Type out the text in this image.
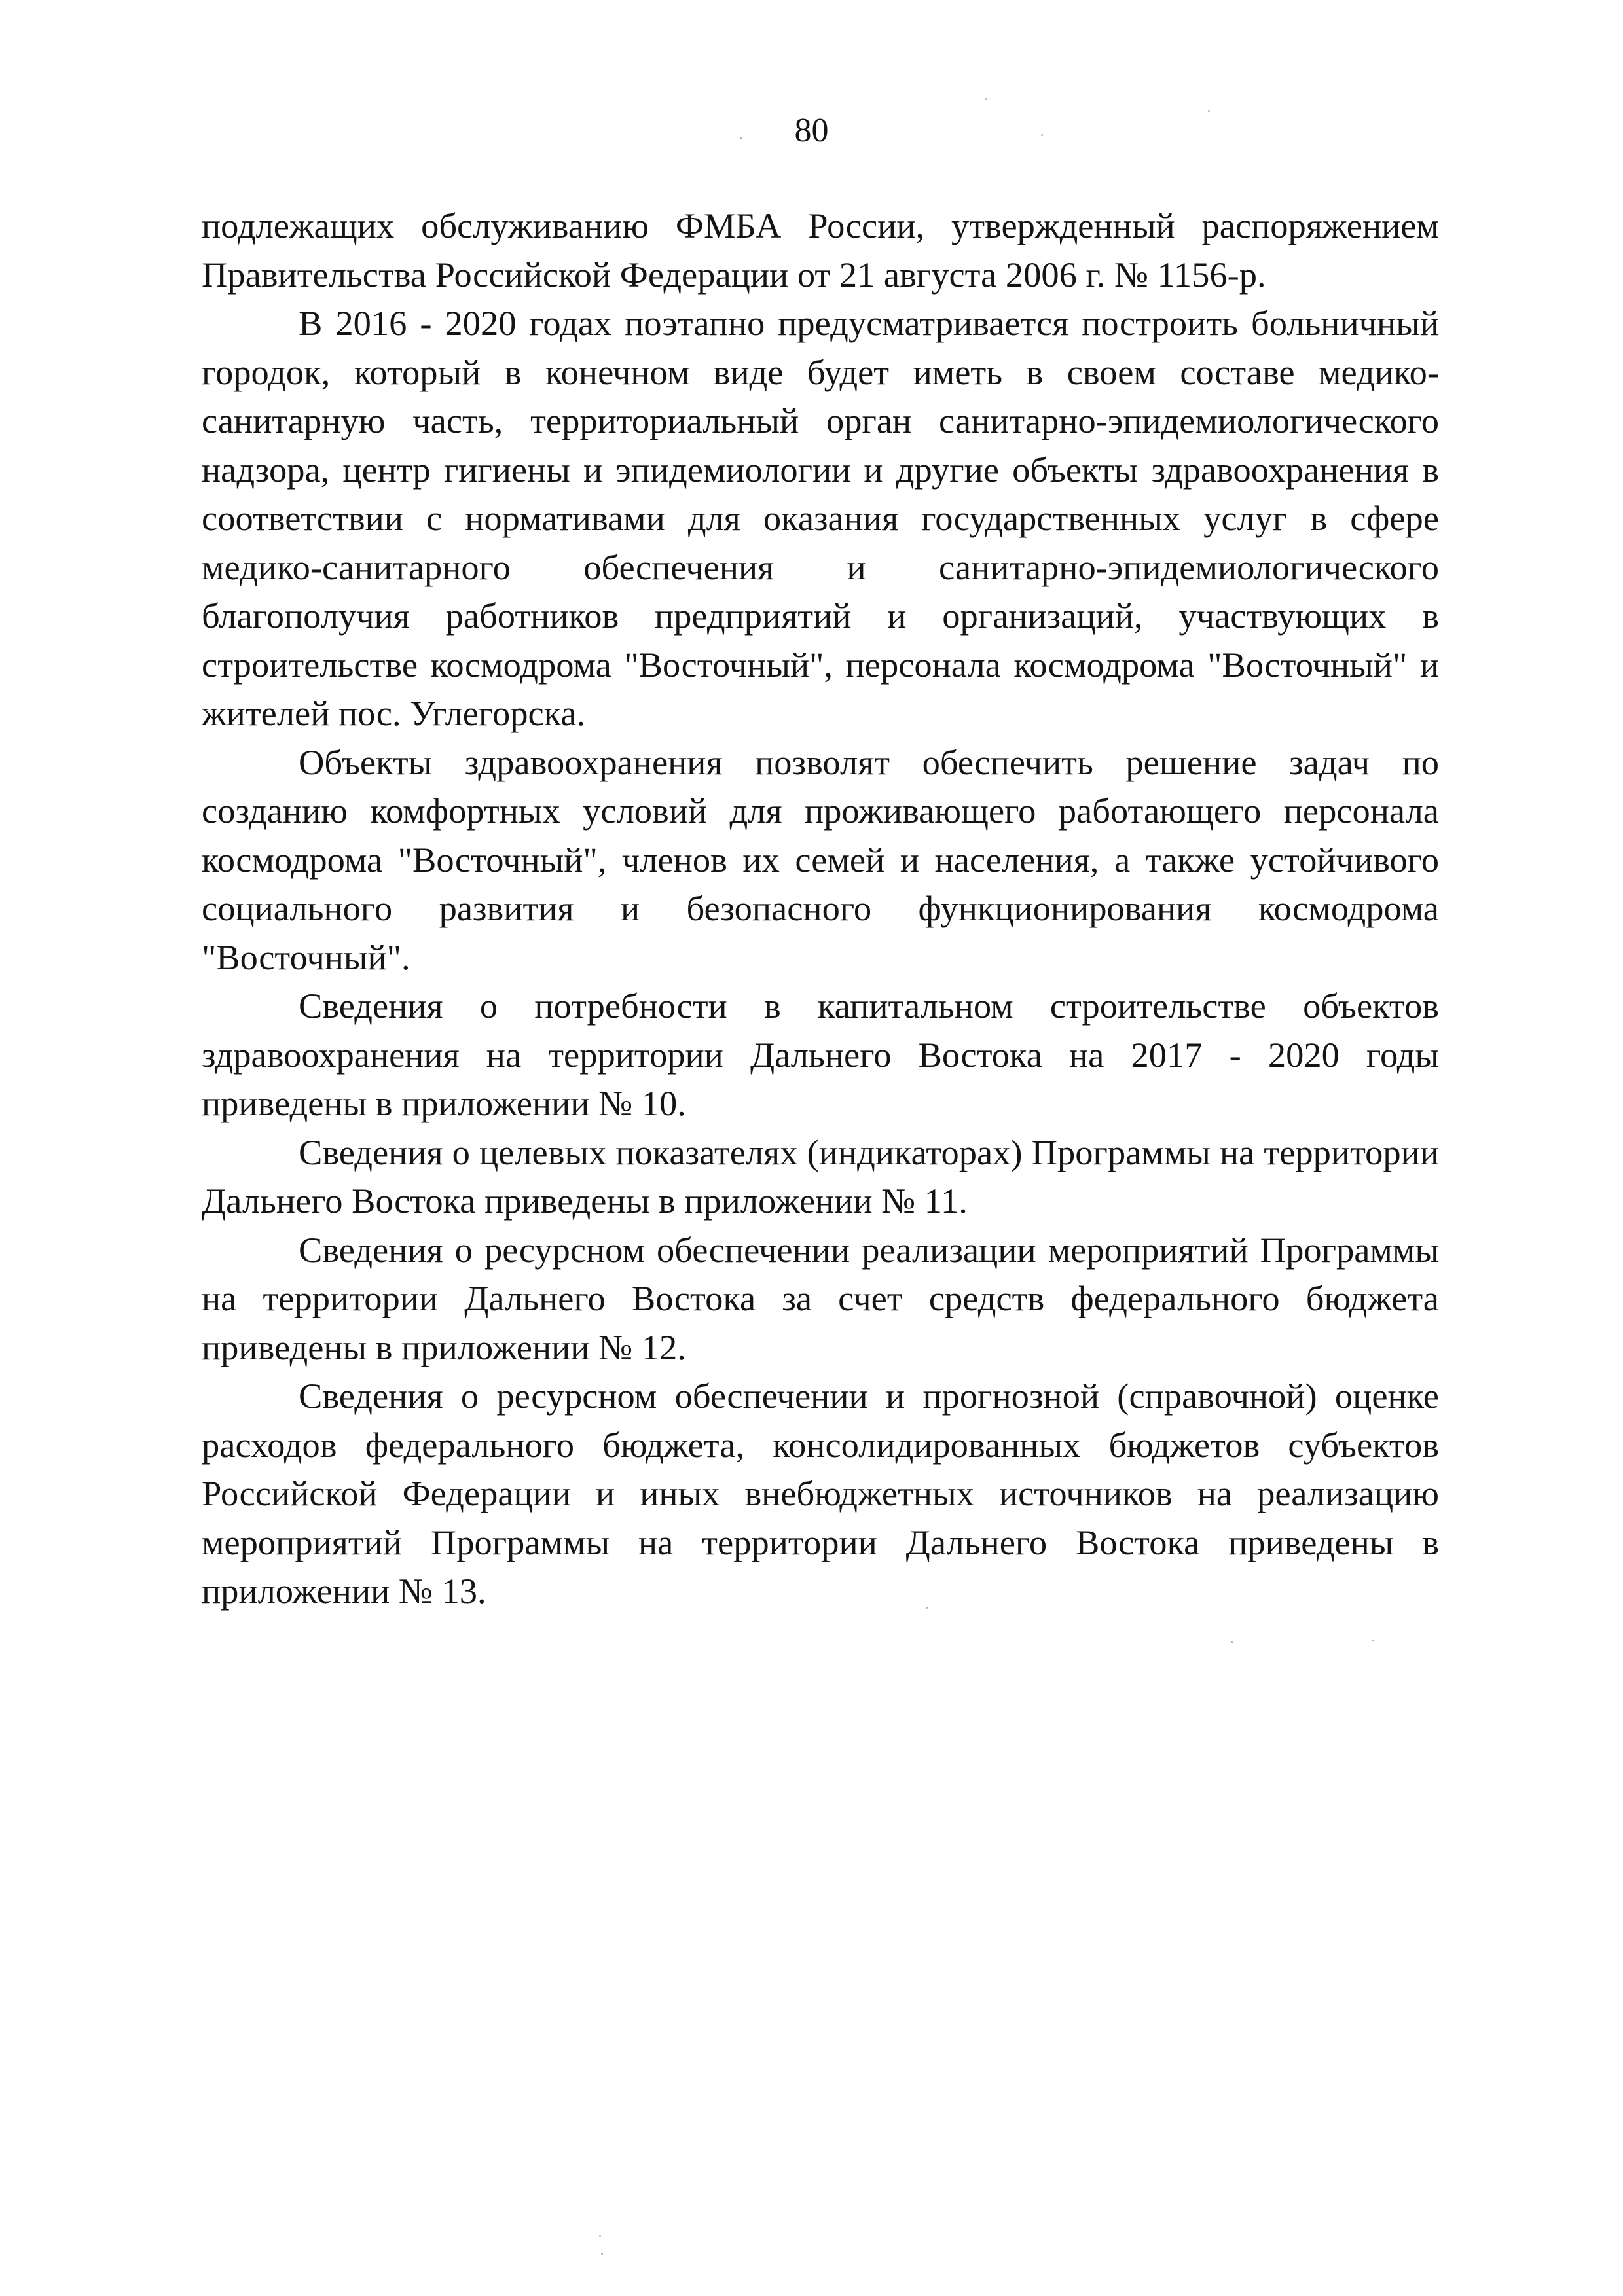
80

подлежащих обслуживанию ФМБА России, утвержденный распоряжением Правительства Российской Федерации от 21 августа 2006 г. № 1156-р.

В 2016 - 2020 годах поэтапно предусматривается построить больничный городок, который в конечном виде будет иметь в своем составе медико-санитарную часть, территориальный орган санитарно-эпидемиологического надзора, центр гигиены и эпидемиологии и другие объекты здравоохранения в соответствии с нормативами для оказания государственных услуг в сфере медико-санитарного обеспечения и санитарно-эпидемиологического благополучия работников предприятий и организаций, участвующих в строительстве космодрома "Восточный", персонала космодрома "Восточный" и жителей пос. Углегорска.

Объекты здравоохранения позволят обеспечить решение задач по созданию комфортных условий для проживающего работающего персонала космодрома "Восточный", членов их семей и населения, а также устойчивого социального развития и безопасного функционирования космодрома "Восточный".

Сведения о потребности в капитальном строительстве объектов здравоохранения на территории Дальнего Востока на 2017 - 2020 годы приведены в приложении № 10.

Сведения о целевых показателях (индикаторах) Программы на территории Дальнего Востока приведены в приложении № 11.

Сведения о ресурсном обеспечении реализации мероприятий Программы на территории Дальнего Востока за счет средств федерального бюджета приведены в приложении № 12.

Сведения о ресурсном обеспечении и прогнозной (справочной) оценке расходов федерального бюджета, консолидированных бюджетов субъектов Российской Федерации и иных внебюджетных источников на реализацию мероприятий Программы на территории Дальнего Востока приведены в приложении № 13.
